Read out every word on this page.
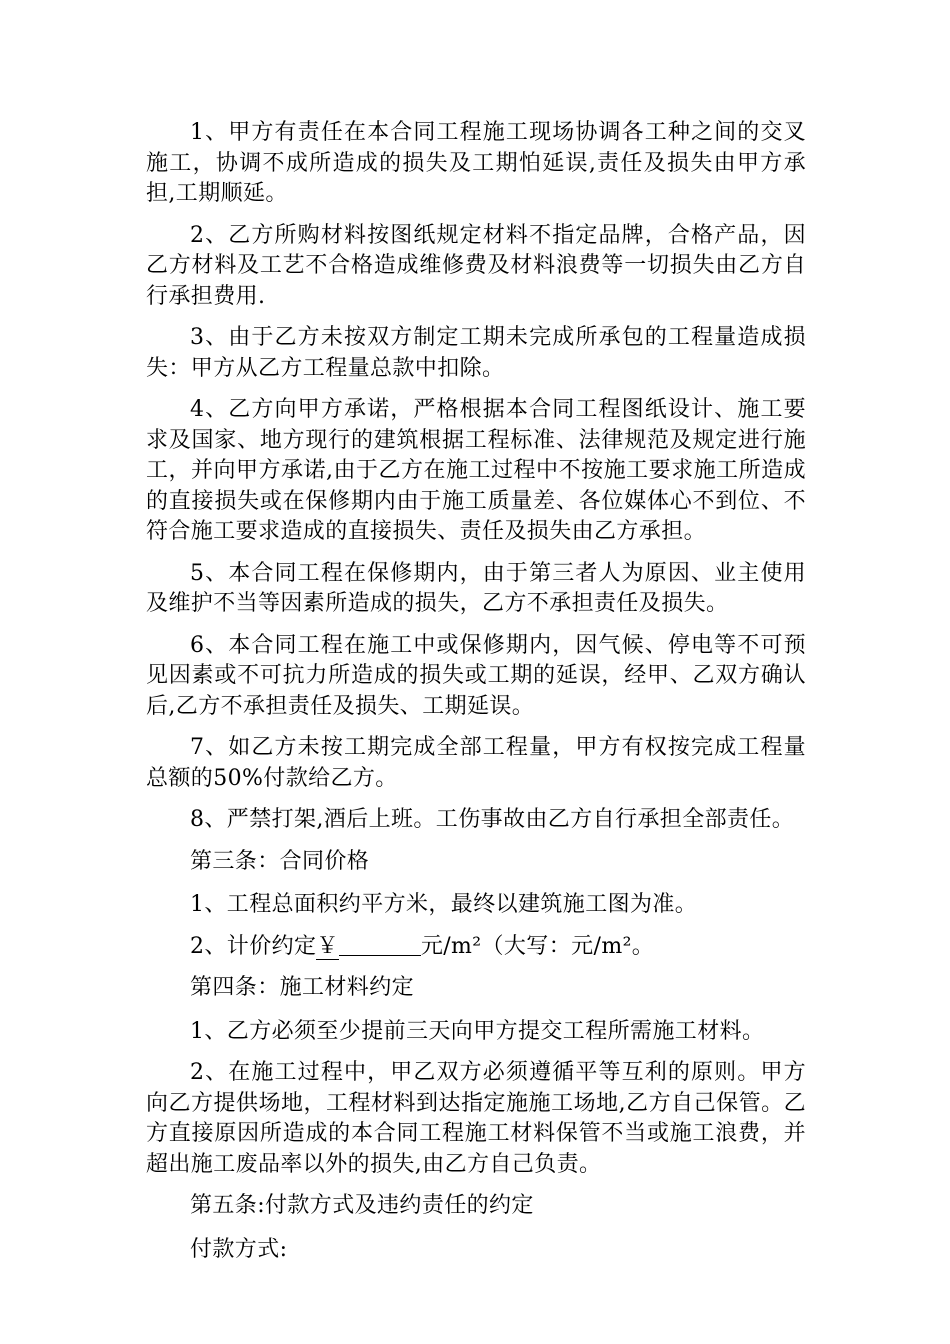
1、甲方有责任在本合同工程施工现场协调各工种之间的交叉施工，协调不成所造成的损失及工期怕延误,责任及损失由甲方承担,工期顺延。

2、乙方所购材料按图纸规定材料不指定品牌，合格产品，因乙方材料及工艺不合格造成维修费及材料浪费等一切损失由乙方自行承担费用.

3、由于乙方未按双方制定工期未完成所承包的工程量造成损失：甲方从乙方工程量总款中扣除。

4、乙方向甲方承诺，严格根据本合同工程图纸设计、施工要求及国家、地方现行的建筑根据工程标准、法律规范及规定进行施工，并向甲方承诺,由于乙方在施工过程中不按施工要求施工所造成的直接损失或在保修期内由于施工质量差、各位媒体心不到位、不符合施工要求造成的直接损失、责任及损失由乙方承担。

5、本合同工程在保修期内，由于第三者人为原因、业主使用及维护不当等因素所造成的损失，乙方不承担责任及损失。

6、本合同工程在施工中或保修期内，因气候、停电等不可预见因素或不可抗力所造成的损失或工期的延误，经甲、乙双方确认后,乙方不承担责任及损失、工期延误。

7、如乙方未按工期完成全部工程量，甲方有权按完成工程量总额的50%付款给乙方。

8、严禁打架,酒后上班。工伤事故由乙方自行承担全部责任。

第三条：合同价格

1、工程总面积约平方米，最终以建筑施工图为准。

2、计价约定￥	元/m²（大写：元/m²。

第四条：施工材料约定

1、乙方必须至少提前三天向甲方提交工程所需施工材料。

2、在施工过程中，甲乙双方必须遵循平等互利的原则。甲方向乙方提供场地，工程材料到达指定施施工场地,乙方自己保管。乙方直接原因所造成的本合同工程施工材料保管不当或施工浪费，并超出施工废品率以外的损失,由乙方自己负责。

第五条:付款方式及违约责任的约定

付款方式:
